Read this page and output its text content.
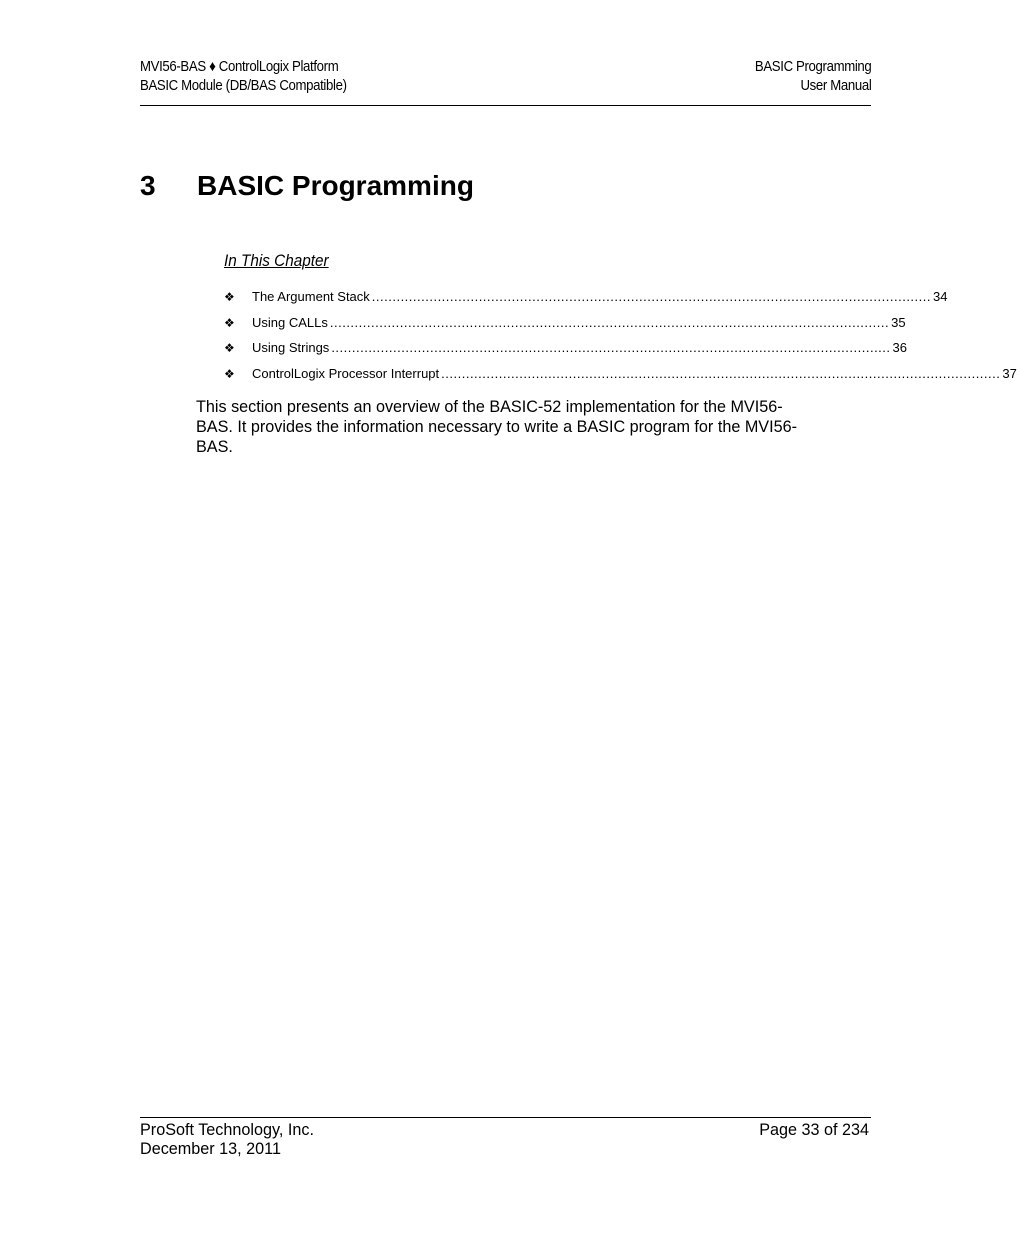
MVI56-BAS ♦ ControlLogix Platform
BASIC Module (DB/BAS Compatible)
BASIC Programming
User Manual
3 BASIC Programming
In This Chapter
❖	The Argument Stack ........................................................................................................................................ 34
❖	Using CALLs ........................................................................................................................................ 35
❖	Using Strings ........................................................................................................................................ 36
❖	ControlLogix Processor Interrupt ........................................................................................................................................ 37

This section presents an overview of the BASIC-52 implementation for the MVI56-BAS. It provides the information necessary to write a BASIC program for the MVI56-BAS.

ProSoft Technology, Inc.
December 13, 2011
Page 33 of 234
